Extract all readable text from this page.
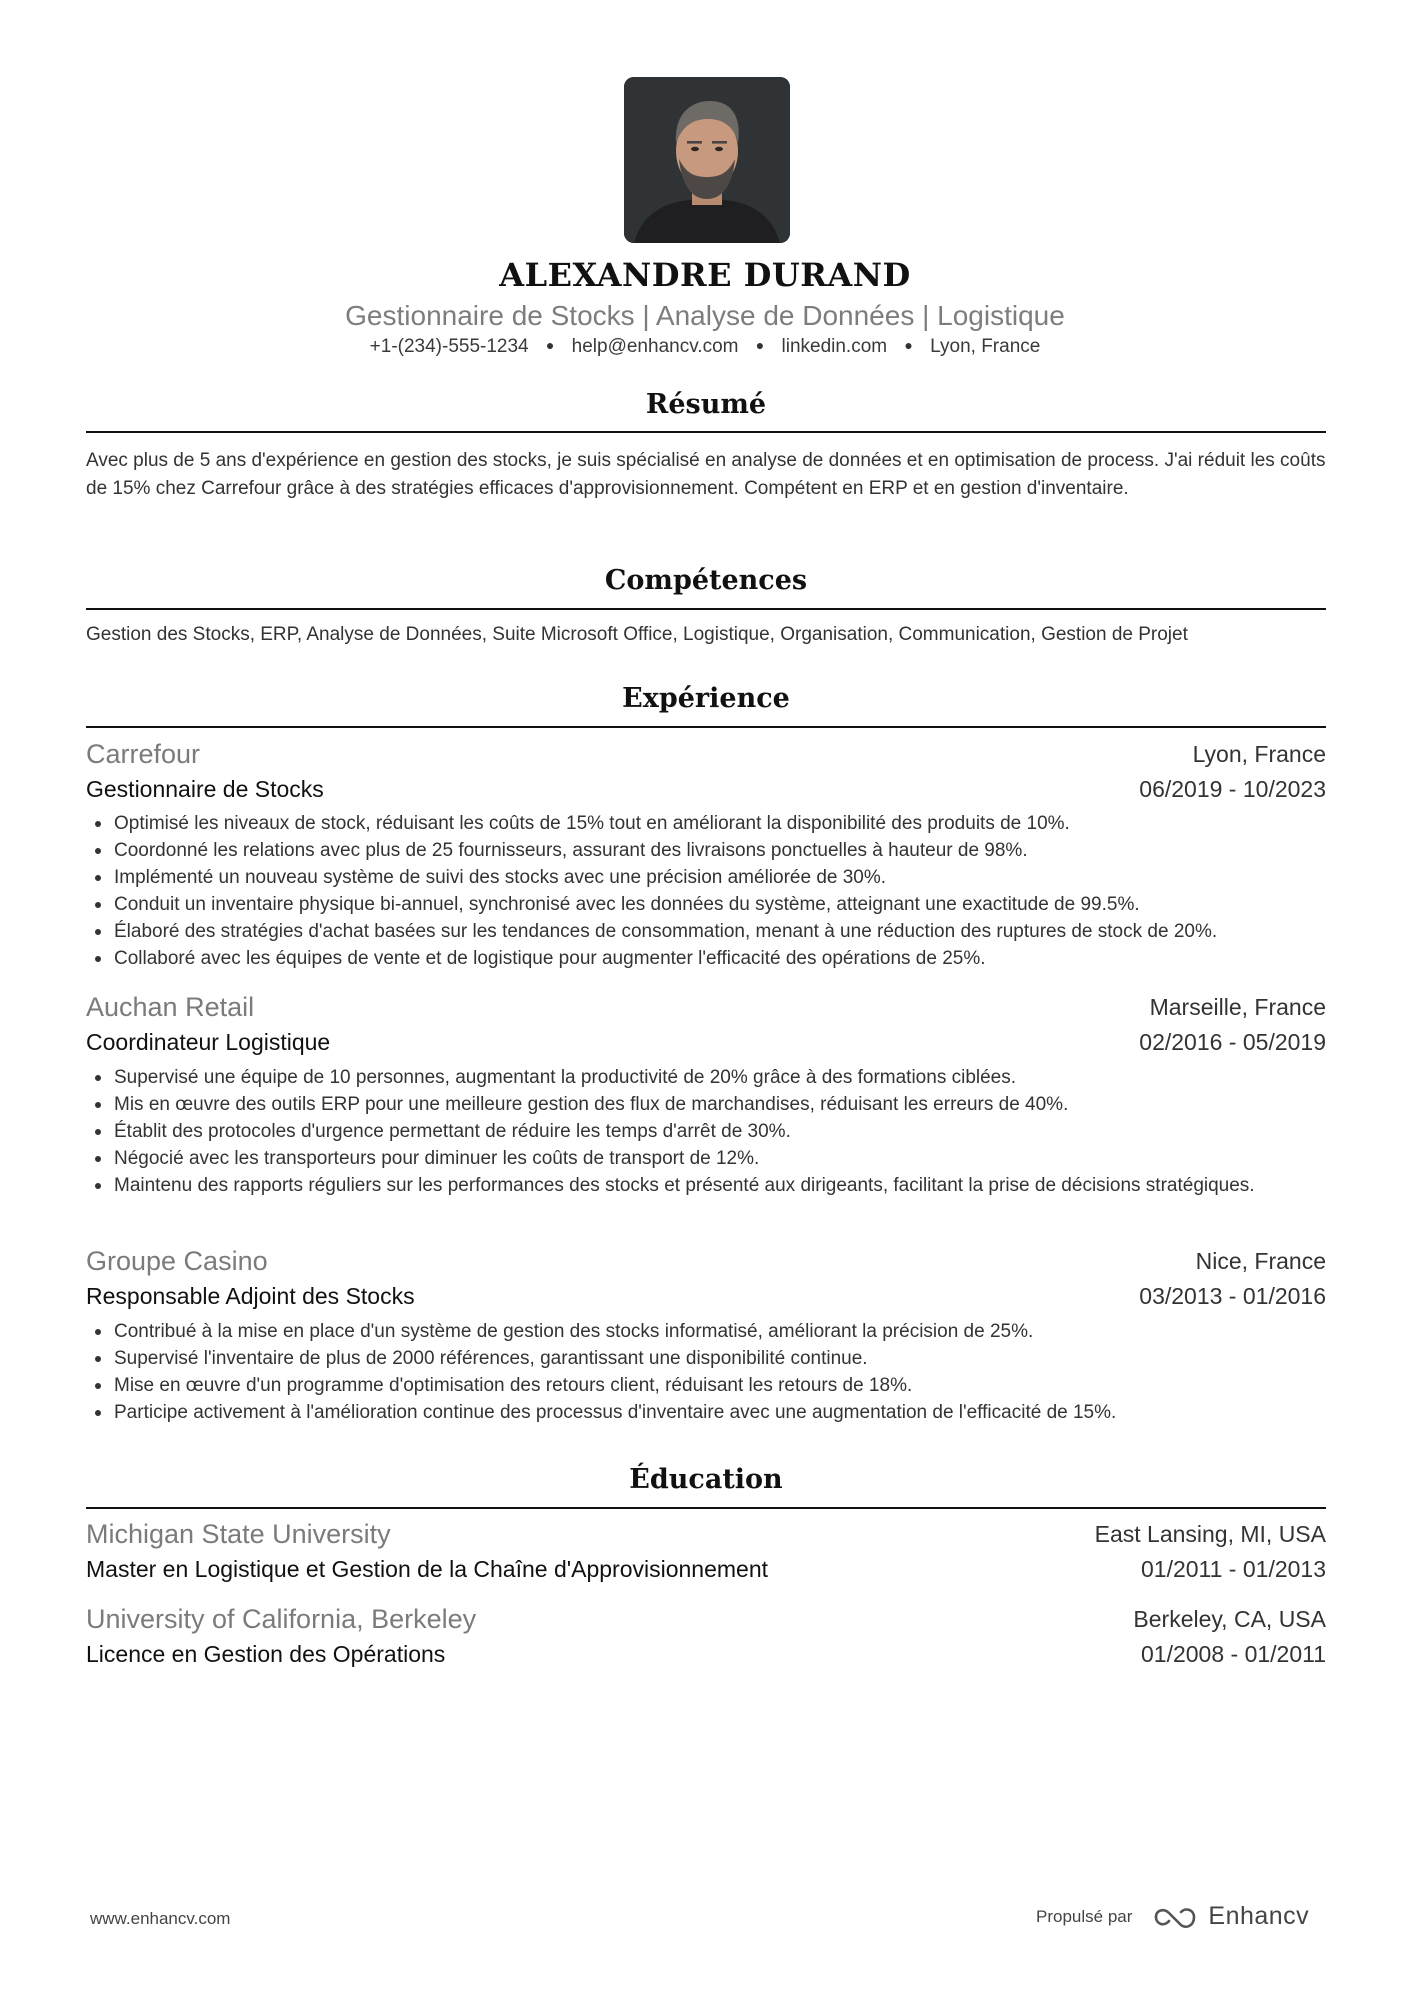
ALEXANDRE DURAND
Gestionnaire de Stocks | Analyse de Données | Logistique
+1-(234)-555-1234 ● help@enhancv.com ● linkedin.com ● Lyon, France
Résumé
Avec plus de 5 ans d'expérience en gestion des stocks, je suis spécialisé en analyse de données et en optimisation de process. J'ai réduit les coûts de 15% chez Carrefour grâce à des stratégies efficaces d'approvisionnement. Compétent en ERP et en gestion d'inventaire.
Compétences
Gestion des Stocks, ERP, Analyse de Données, Suite Microsoft Office, Logistique, Organisation, Communication, Gestion de Projet
Expérience
Carrefour	Lyon, France
Gestionnaire de Stocks	06/2019 - 10/2023
Optimisé les niveaux de stock, réduisant les coûts de 15% tout en améliorant la disponibilité des produits de 10%.
Coordonné les relations avec plus de 25 fournisseurs, assurant des livraisons ponctuelles à hauteur de 98%.
Implémenté un nouveau système de suivi des stocks avec une précision améliorée de 30%.
Conduit un inventaire physique bi-annuel, synchronisé avec les données du système, atteignant une exactitude de 99.5%.
Élaboré des stratégies d'achat basées sur les tendances de consommation, menant à une réduction des ruptures de stock de 20%.
Collaboré avec les équipes de vente et de logistique pour augmenter l'efficacité des opérations de 25%.
Auchan Retail	Marseille, France
Coordinateur Logistique	02/2016 - 05/2019
Supervisé une équipe de 10 personnes, augmentant la productivité de 20% grâce à des formations ciblées.
Mis en œuvre des outils ERP pour une meilleure gestion des flux de marchandises, réduisant les erreurs de 40%.
Établit des protocoles d'urgence permettant de réduire les temps d'arrêt de 30%.
Négocié avec les transporteurs pour diminuer les coûts de transport de 12%.
Maintenu des rapports réguliers sur les performances des stocks et présenté aux dirigeants, facilitant la prise de décisions stratégiques.
Groupe Casino	Nice, France
Responsable Adjoint des Stocks	03/2013 - 01/2016
Contribué à la mise en place d'un système de gestion des stocks informatisé, améliorant la précision de 25%.
Supervisé l'inventaire de plus de 2000 références, garantissant une disponibilité continue.
Mise en œuvre d'un programme d'optimisation des retours client, réduisant les retours de 18%.
Participe activement à l'amélioration continue des processus d'inventaire avec une augmentation de l'efficacité de 15%.
Éducation
Michigan State University	East Lansing, MI, USA
Master en Logistique et Gestion de la Chaîne d'Approvisionnement	01/2011 - 01/2013
University of California, Berkeley	Berkeley, CA, USA
Licence en Gestion des Opérations	01/2008 - 01/2011
www.enhancv.com	Propulsé par	Enhancv
